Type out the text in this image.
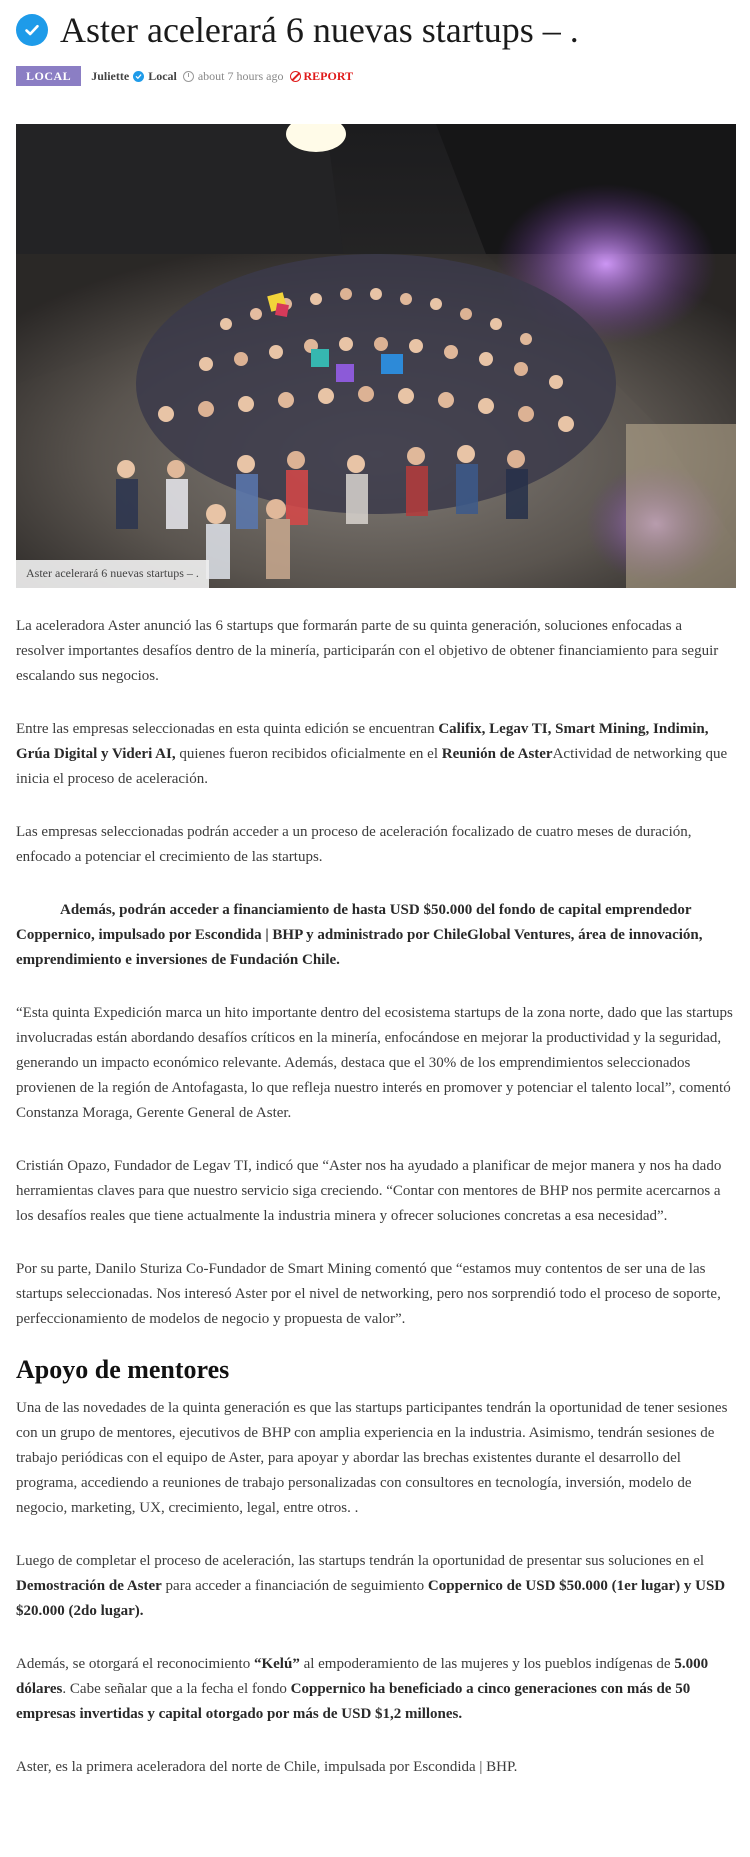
Aster acelerará 6 nuevas startups – .
LOCAL	Juliette Local about 7 hours ago REPORT
Aster acelerará 6 nuevas startups – .

La aceleradora Aster anunció las 6 startups que formarán parte de su quinta generación, soluciones enfocadas a resolver importantes desafíos dentro de la minería, participarán con el objetivo de obtener financiamiento para seguir escalando sus negocios.

Entre las empresas seleccionadas en esta quinta edición se encuentran Califix, Legav TI, Smart Mining, Indimin, Grúa Digital y Videri AI, quienes fueron recibidos oficialmente en el Reunión de AsterActividad de networking que inicia el proceso de aceleración.

Las empresas seleccionadas podrán acceder a un proceso de aceleración focalizado de cuatro meses de duración, enfocado a potenciar el crecimiento de las startups.

Además, podrán acceder a financiamiento de hasta USD $50.000 del fondo de capital emprendedor Coppernico, impulsado por Escondida | BHP y administrado por ChileGlobal Ventures, área de innovación, emprendimiento e inversiones de Fundación Chile.

“Esta quinta Expedición marca un hito importante dentro del ecosistema startups de la zona norte, dado que las startups involucradas están abordando desafíos críticos en la minería, enfocándose en mejorar la productividad y la seguridad, generando un impacto económico relevante. Además, destaca que el 30% de los emprendimientos seleccionados provienen de la región de Antofagasta, lo que refleja nuestro interés en promover y potenciar el talento local”, comentó Constanza Moraga, Gerente General de Aster.

Cristián Opazo, Fundador de Legav TI, indicó que “Aster nos ha ayudado a planificar de mejor manera y nos ha dado herramientas claves para que nuestro servicio siga creciendo. “Contar con mentores de BHP nos permite acercarnos a los desafíos reales que tiene actualmente la industria minera y ofrecer soluciones concretas a esa necesidad”.

Por su parte, Danilo Sturiza Co-Fundador de Smart Mining comentó que “estamos muy contentos de ser una de las startups seleccionadas. Nos interesó Aster por el nivel de networking, pero nos sorprendió todo el proceso de soporte, perfeccionamiento de modelos de negocio y propuesta de valor”.

Apoyo de mentores

Una de las novedades de la quinta generación es que las startups participantes tendrán la oportunidad de tener sesiones con un grupo de mentores, ejecutivos de BHP con amplia experiencia en la industria. Asimismo, tendrán sesiones de trabajo periódicas con el equipo de Aster, para apoyar y abordar las brechas existentes durante el desarrollo del programa, accediendo a reuniones de trabajo personalizadas con consultores en tecnología, inversión, modelo de negocio, marketing, UX, crecimiento, legal, entre otros. .

Luego de completar el proceso de aceleración, las startups tendrán la oportunidad de presentar sus soluciones en el Demostración de Aster para acceder a financiación de seguimiento Coppernico de USD $50.000 (1er lugar) y USD $20.000 (2do lugar).

Además, se otorgará el reconocimiento “Kelú” al empoderamiento de las mujeres y los pueblos indígenas de 5.000 dólares. Cabe señalar que a la fecha el fondo Coppernico ha beneficiado a cinco generaciones con más de 50 empresas invertidas y capital otorgado por más de USD $1,2 millones.

Aster, es la primera aceleradora del norte de Chile, impulsada por Escondida | BHP.
